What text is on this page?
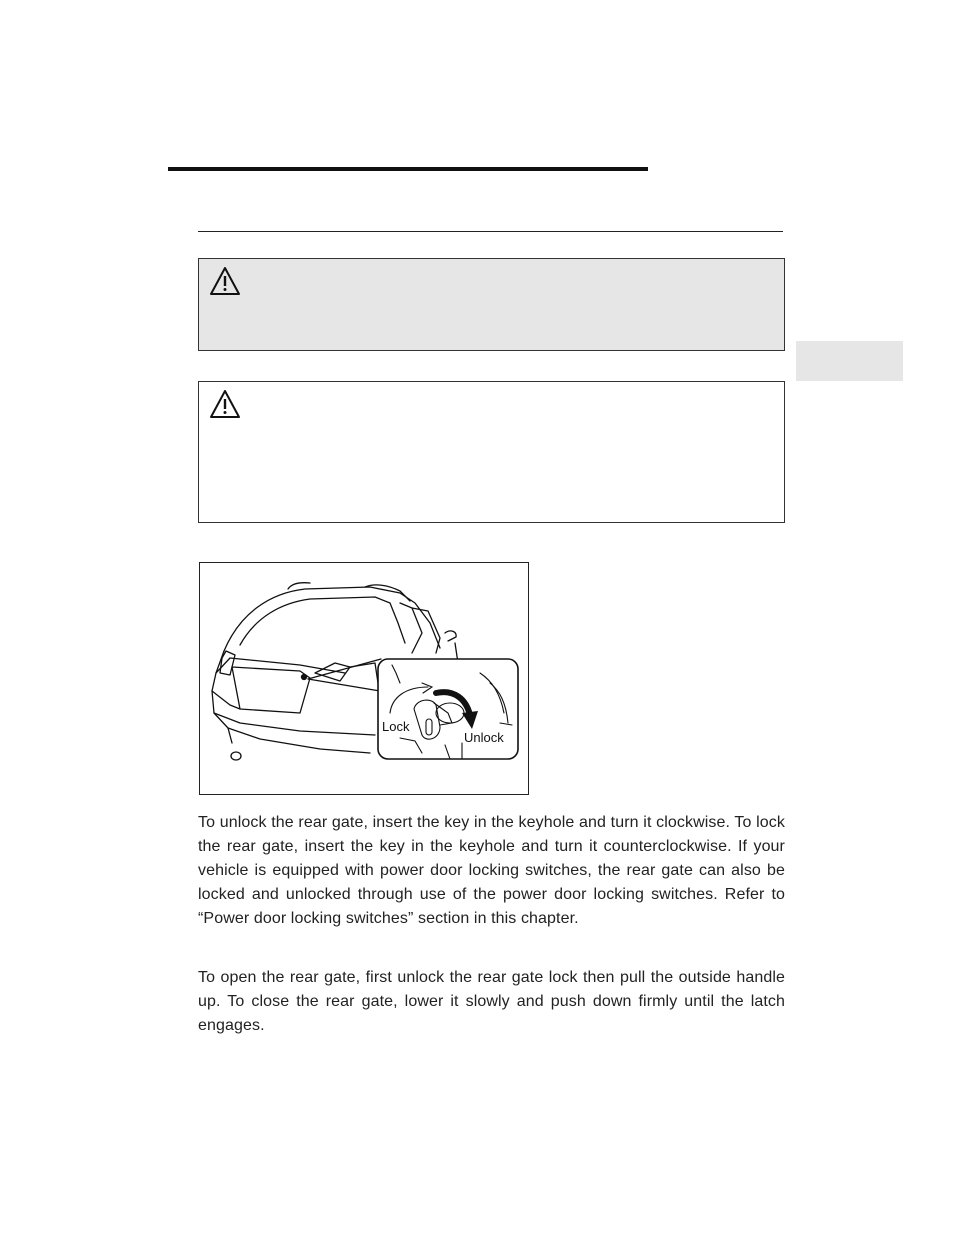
Lock
Unlock

To unlock the rear gate, insert the key in the keyhole and turn it clockwise. To lock the rear gate, insert the key in the keyhole and turn it counterclockwise. If your vehicle is equipped with power door locking switches, the rear gate can also be locked and unlocked through use of the power door locking switches. Refer to “Power door locking switches” section in this chapter.

To open the rear gate, first unlock the rear gate lock then pull the outside handle up. To close the rear gate, lower it slowly and push down firmly until the latch engages.
